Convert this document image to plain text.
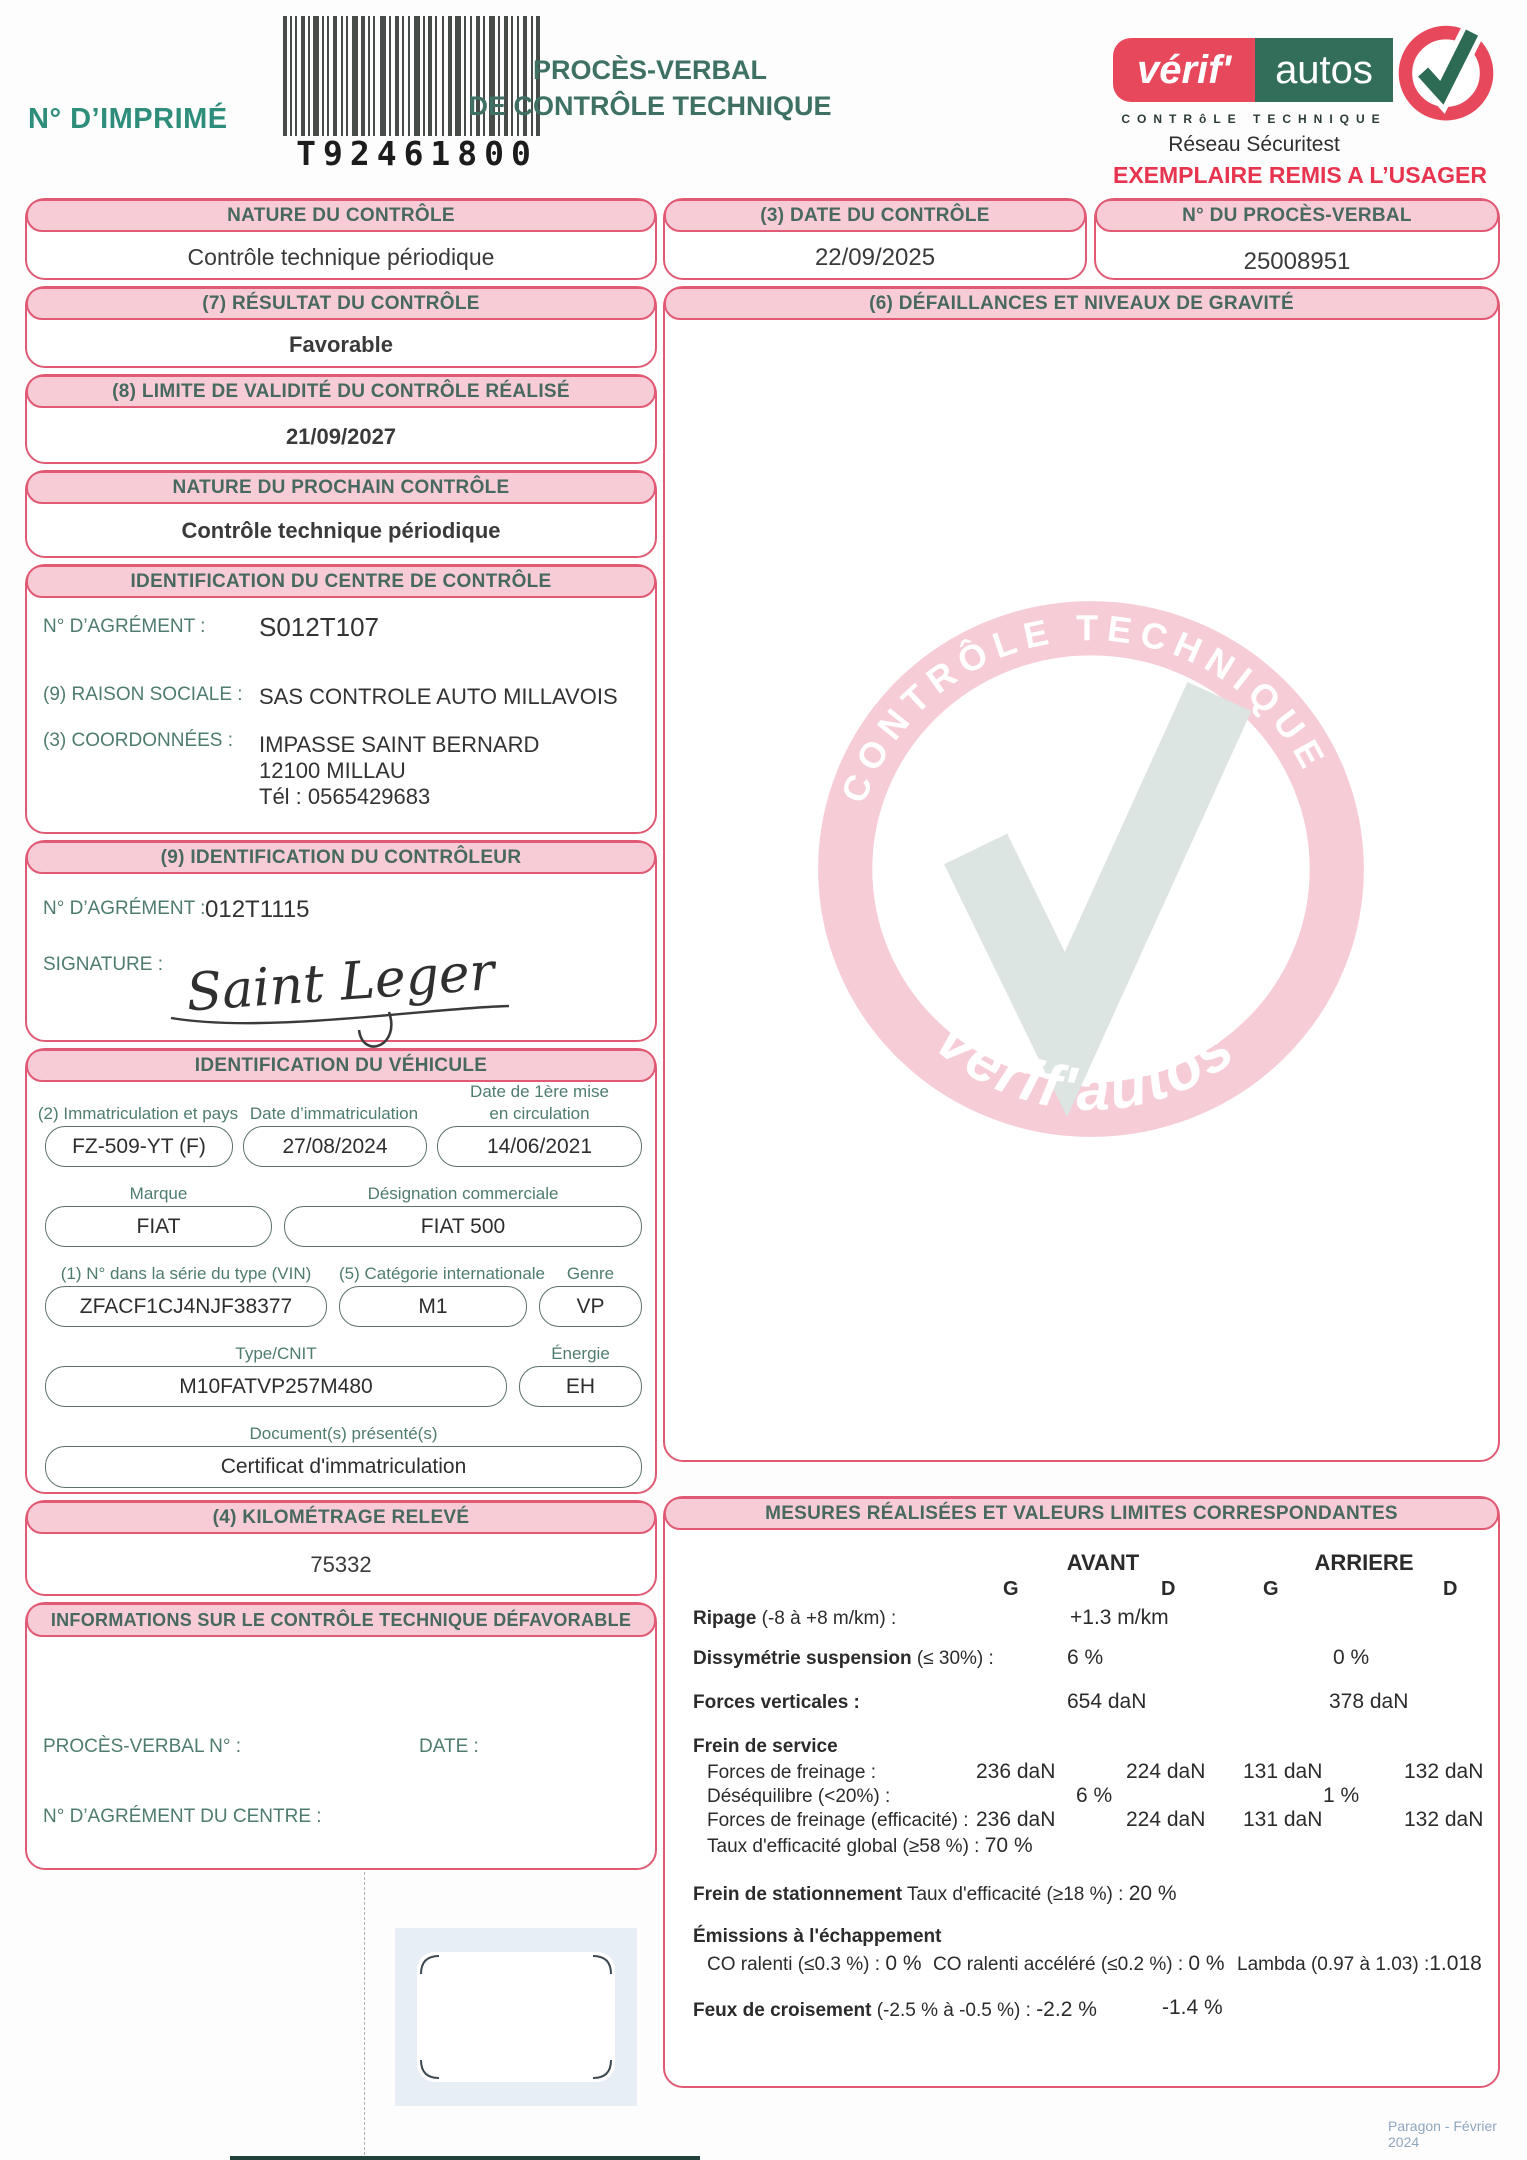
N° D’IMPRIMÉ
T92461800
PROCÈS-VERBAL
DE CONTRÔLE TECHNIQUE
vérif' autos
CONTRôLE TECHNIQUE
Réseau Sécuritest
EXEMPLAIRE REMIS A L’USAGER
NATURE DU CONTRÔLE
Contrôle technique périodique
(3) DATE DU CONTRÔLE
22/09/2025
N° DU PROCÈS-VERBAL
25008951
(7) RÉSULTAT DU CONTRÔLE
Favorable
(6) DÉFAILLANCES ET NIVEAUX DE GRAVITÉ
CONTRÔLE TECHNIQUE
vérif'autos
(8) LIMITE DE VALIDITÉ DU CONTRÔLE RÉALISÉ
21/09/2027
NATURE DU PROCHAIN CONTRÔLE
Contrôle technique périodique
IDENTIFICATION DU CENTRE DE CONTRÔLE
N° D’AGRÉMENT : S012T107
(9) RAISON SOCIALE : SAS CONTROLE AUTO MILLAVOIS
(3) COORDONNÉES : IMPASSE SAINT BERNARD
12100 MILLAU
Tél : 0565429683
(9) IDENTIFICATION DU CONTRÔLEUR
N° D’AGRÉMENT : 012T1115
SIGNATURE : Saint Leger
IDENTIFICATION DU VÉHICULE
(2) Immatriculation et pays Date d’immatriculation
Date de 1ère mise
en circulation
FZ-509-YT (F)	27/08/2024	14/06/2021
Marque	Désignation commerciale
FIAT	FIAT 500
(1) N° dans la série du type (VIN)	(5) Catégorie internationale	Genre
ZFACF1CJ4NJF38377	M1	VP
Type/CNIT	Énergie
M10FATVP257M480	EH
Document(s) présenté(s)
Certificat d'immatriculation
(4) KILOMÉTRAGE RELEVÉ
75332
INFORMATIONS SUR LE CONTRÔLE TECHNIQUE DÉFAVORABLE
PROCÈS-VERBAL N° :	DATE :
N° D’AGRÉMENT DU CENTRE :
MESURES RÉALISÉES ET VALEURS LIMITES CORRESPONDANTES
AVANT	ARRIERE
G	D	G	D
Ripage (-8 à +8 m/km) :	+1.3 m/km
Dissymétrie suspension (≤ 30%) :	6 %	0 %
Forces verticales :	654 daN	378 daN
Frein de service
Forces de freinage :	236 daN	224 daN 131 daN	132 daN
Déséquilibre (<20%) :	6 %	1 %
Forces de freinage (efficacité) : 236 daN	224 daN 131 daN	132 daN
Taux d'efficacité global (≥58 %) : 70 %
Frein de stationnement Taux d'efficacité (≥18 %) : 20 %
Émissions à l'échappement
CO ralenti (≤0.3 %) : 0 % CO ralenti accéléré (≤0.2 %) : 0 % Lambda (0.97 à 1.03) :1.018
Feux de croisement (-2.5 % à -0.5 %) : -2.2 %	-1.4 %
Paragon - Février 2024
